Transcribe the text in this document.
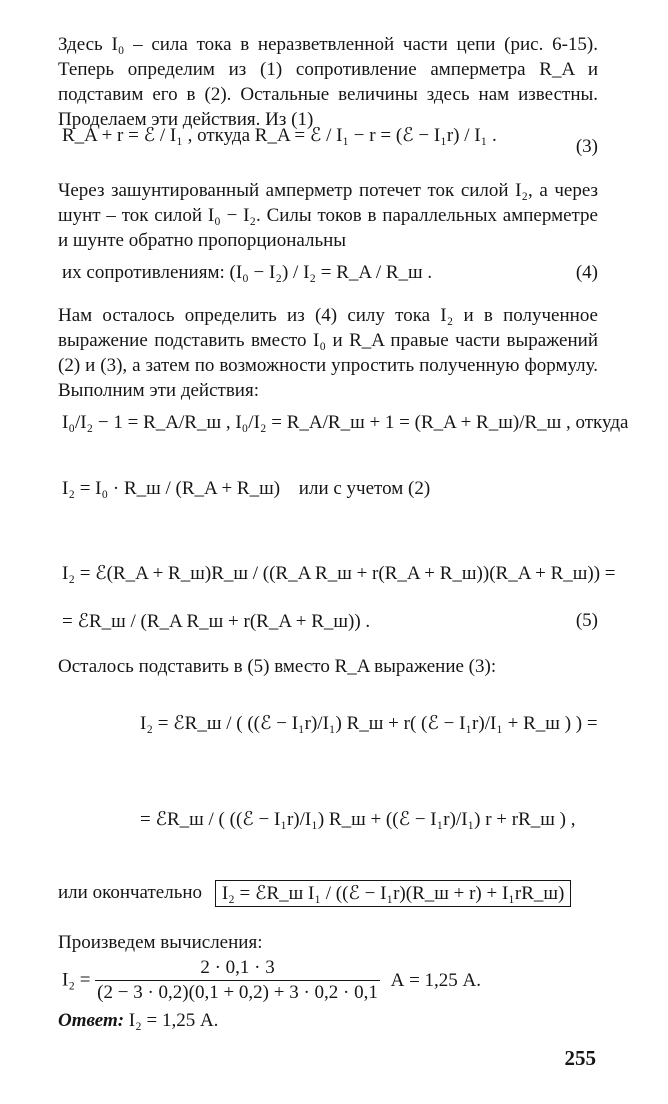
Здесь I₀ – сила тока в неразветвленной части цепи (рис. 6-15). Теперь определим из (1) сопротивление амперметра R_A и подставим его в (2). Остальные величины здесь нам известны. Проделаем эти действия. Из (1)

R_A + r = ℰ / I₁ , откуда R_A = ℰ / I₁ − r = (ℰ − I₁r) / I₁ .
(3)

Через зашунтированный амперметр потечет ток силой I₂, а через шунт – ток силой I₀ − I₂. Силы токов в параллельных амперметре и шунте обратно пропорциональны

их сопротивлениям: (I₀ − I₂) / I₂ = R_A / R_ш .	(4)

Нам осталось определить из (4) силу тока I₂ и в полученное выражение подставить вместо I₀ и R_A правые части выражений (2) и (3), а затем по возможности упростить полученную формулу. Выполним эти действия:

I₀/I₂ − 1 = R_A/R_ш , I₀/I₂ = R_A/R_ш + 1 = (R_A + R_ш)/R_ш , откуда
I₂ = I₀ · R_ш / (R_A + R_ш) или с учетом (2)
I₂ = ℰ(R_A + R_ш)R_ш / ((R_A R_ш + r(R_A + R_ш))(R_A + R_ш)) =
= ℰR_ш / (R_A R_ш + r(R_A + R_ш)) .	(5)

Осталось подставить в (5) вместо R_A выражение (3):

I₂ = ℰR_ш / ( ((ℰ − I₁r)/I₁) R_ш + r( (ℰ − I₁r)/I₁ + R_ш ) ) =
= ℰR_ш / ( ((ℰ − I₁r)/I₁) R_ш + ((ℰ − I₁r)/I₁) r + rR_ш ) ,
или окончательно I₂ = ℰR_ш I₁ / ((ℰ − I₁r)(R_ш + r) + I₁rR_ш)

Произведем вычисления:

$I_2 = \frac{2 \cdot 0,1 \cdot 3}{(2 - 3 \cdot 0,2)(0,1 + 0,2) + 3 \cdot 0,2 \cdot 0,1}$ А = 1,25 А.
Ответ: I₂ = 1,25 А.
255
